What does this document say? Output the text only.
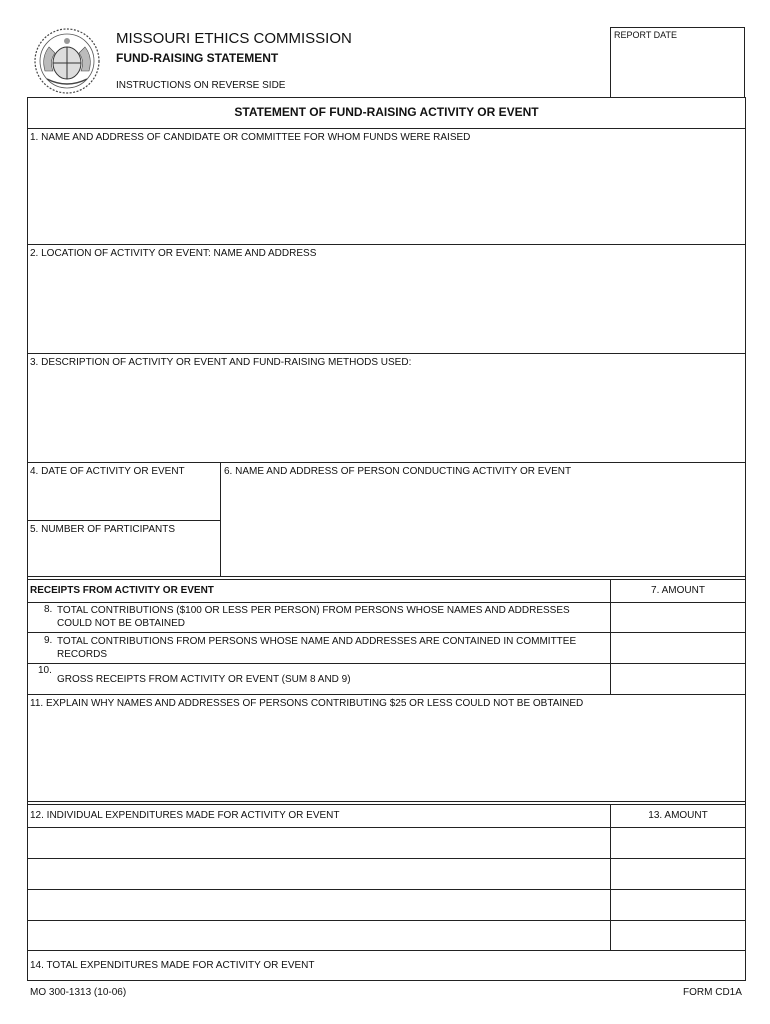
MISSOURI ETHICS COMMISSION
FUND-RAISING STATEMENT
INSTRUCTIONS ON REVERSE SIDE
REPORT DATE
STATEMENT OF FUND-RAISING ACTIVITY OR EVENT
1. NAME AND ADDRESS OF CANDIDATE OR COMMITTEE FOR WHOM FUNDS WERE RAISED
2. LOCATION OF ACTIVITY OR EVENT: NAME AND ADDRESS
3. DESCRIPTION OF ACTIVITY OR EVENT AND FUND-RAISING METHODS USED:
4. DATE OF ACTIVITY OR EVENT
5. NUMBER OF PARTICIPANTS
6. NAME AND ADDRESS OF PERSON CONDUCTING ACTIVITY OR EVENT
RECEIPTS FROM ACTIVITY OR EVENT	7. AMOUNT
8. TOTAL CONTRIBUTIONS ($100 OR LESS PER PERSON) FROM PERSONS WHOSE NAMES AND ADDRESSES
COULD NOT BE OBTAINED
9. TOTAL CONTRIBUTIONS FROM PERSONS WHOSE NAME AND ADDRESSES ARE CONTAINED IN COMMITTEE
RECORDS
10.
GROSS RECEIPTS FROM ACTIVITY OR EVENT (SUM 8 AND 9)
11. EXPLAIN WHY NAMES AND ADDRESSES OF PERSONS CONTRIBUTING $25 OR LESS COULD NOT BE OBTAINED
12. INDIVIDUAL EXPENDITURES MADE FOR ACTIVITY OR EVENT	13. AMOUNT
14. TOTAL EXPENDITURES MADE FOR ACTIVITY OR EVENT
MO 300-1313 (10-06)	FORM CD1A
